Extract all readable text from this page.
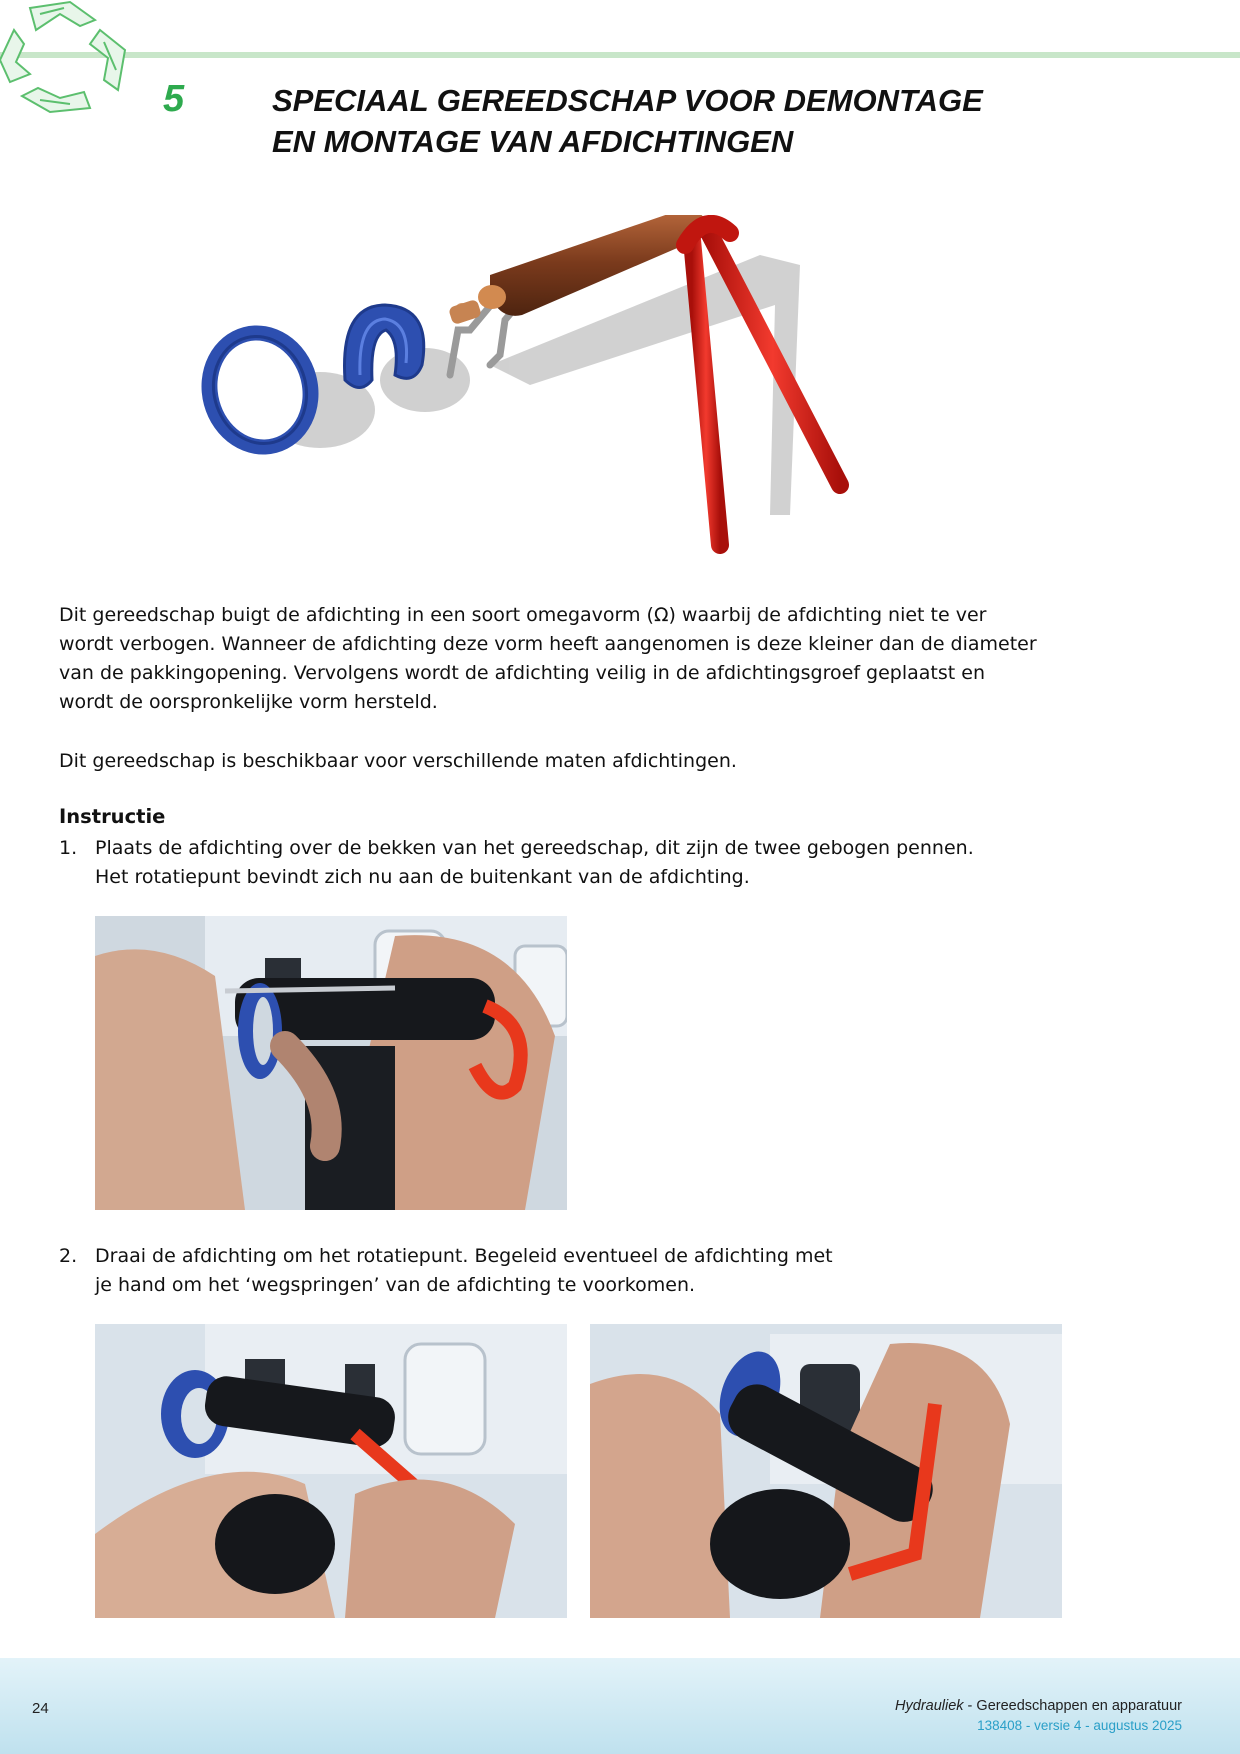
5	SPECIAAL GEREEDSCHAP VOOR DEMONTAGE
EN MONTAGE VAN AFDICHTINGEN
Dit gereedschap buigt de afdichting in een soort omegavorm (Ω) waarbij de afdichting niet te ver
wordt verbogen. Wanneer de afdichting deze vorm heeft aangenomen is deze kleiner dan de diameter
van de pakkingopening. Vervolgens wordt de afdichting veilig in de afdichtingsgroef geplaatst en
wordt de oorspronkelijke vorm hersteld.
Dit gereedschap is beschikbaar voor verschillende maten afdichtingen.
Instructie
1. Plaats de afdichting over de bekken van het gereedschap, dit zijn de twee gebogen pennen.
Het rotatiepunt bevindt zich nu aan de buitenkant van de afdichting.
2. Draai de afdichting om het rotatiepunt. Begeleid eventueel de afdichting met
je hand om het ‘wegspringen’ van de afdichting te voorkomen.
24	Hydrauliek - Gereedschappen en apparatuur
138408 - versie 4 - augustus 2025
